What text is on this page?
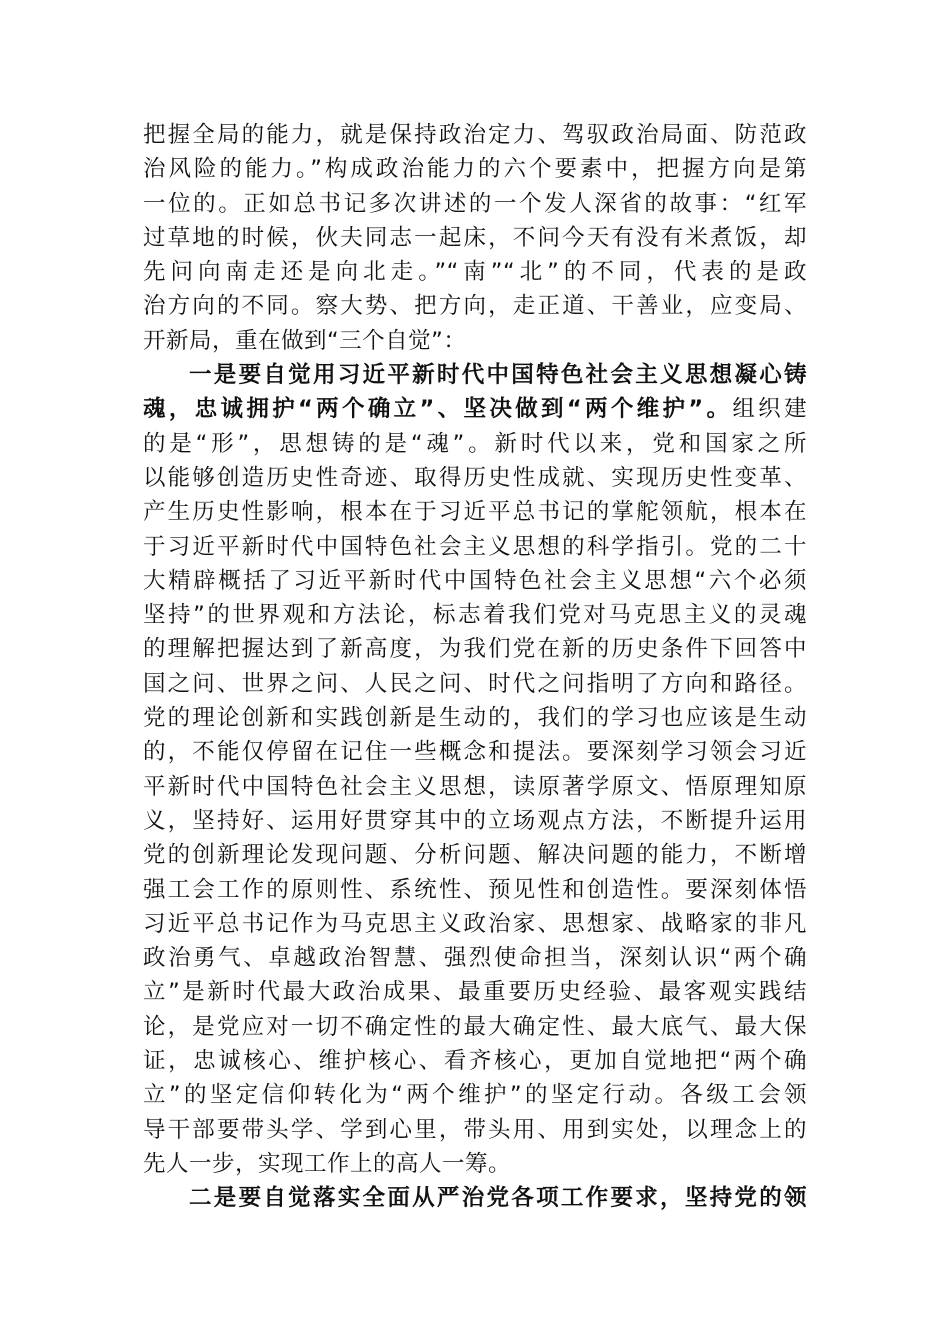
把握全局的能力，就是保持政治定力、驾驭政治局面、防范政
治风险的能力。”构成政治能力的六个要素中，把握方向是第
一位的。正如总书记多次讲述的一个发人深省的故事：“红军
过草地的时候，伙夫同志一起床，不问今天有没有米煮饭，却
先问向南走还是向北走。”“南”“北”的不同，代表的是政
治方向的不同。察大势、把方向，走正道、干善业，应变局、
开新局，重在做到“三个自觉”：
一是要自觉用习近平新时代中国特色社会主义思想凝心铸
魂，忠诚拥护“两个确立”、坚决做到“两个维护”。组织建
的是“形”，思想铸的是“魂”。新时代以来，党和国家之所
以能够创造历史性奇迹、取得历史性成就、实现历史性变革、
产生历史性影响，根本在于习近平总书记的掌舵领航，根本在
于习近平新时代中国特色社会主义思想的科学指引。党的二十
大精辟概括了习近平新时代中国特色社会主义思想“六个必须
坚持”的世界观和方法论，标志着我们党对马克思主义的灵魂
的理解把握达到了新高度，为我们党在新的历史条件下回答中
国之问、世界之问、人民之问、时代之问指明了方向和路径。
党的理论创新和实践创新是生动的，我们的学习也应该是生动
的，不能仅停留在记住一些概念和提法。要深刻学习领会习近
平新时代中国特色社会主义思想，读原著学原文、悟原理知原
义，坚持好、运用好贯穿其中的立场观点方法，不断提升运用
党的创新理论发现问题、分析问题、解决问题的能力，不断增
强工会工作的原则性、系统性、预见性和创造性。要深刻体悟
习近平总书记作为马克思主义政治家、思想家、战略家的非凡
政治勇气、卓越政治智慧、强烈使命担当，深刻认识“两个确
立”是新时代最大政治成果、最重要历史经验、最客观实践结
论，是党应对一切不确定性的最大确定性、最大底气、最大保
证，忠诚核心、维护核心、看齐核心，更加自觉地把“两个确
立”的坚定信仰转化为“两个维护”的坚定行动。各级工会领
导干部要带头学、学到心里，带头用、用到实处，以理念上的
先人一步，实现工作上的高人一筹。
二是要自觉落实全面从严治党各项工作要求，坚持党的领
